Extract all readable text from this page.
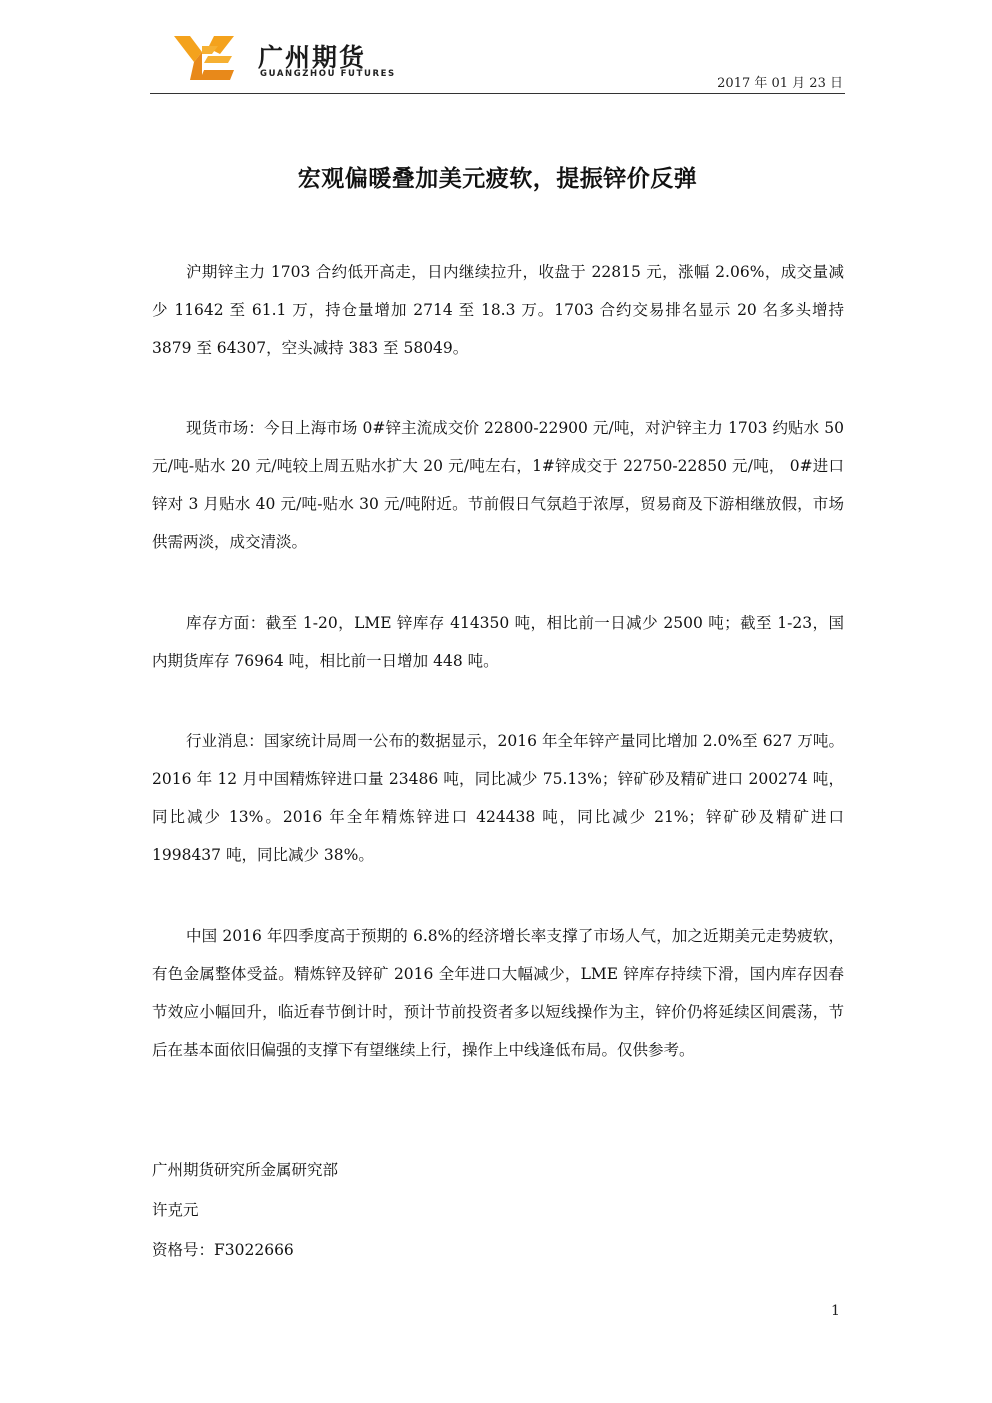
广州期货
GUANGZHOU FUTURES
2017 年 01 月 23 日
宏观偏暖叠加美元疲软，提振锌价反弹

沪期锌主力 1703 合约低开高走，日内继续拉升，收盘于 22815 元，涨幅 2.06%，成交量减少 11642 至 61.1 万，持仓量增加 2714 至 18.3 万。1703 合约交易排名显示 20 名多头增持 3879 至 64307，空头减持 383 至 58049。

现货市场：今日上海市场 0#锌主流成交价 22800-22900 元/吨，对沪锌主力 1703 约贴水 50 元/吨-贴水 20 元/吨较上周五贴水扩大 20 元/吨左右，1#锌成交于 22750-22850 元/吨， 0#进口锌对 3 月贴水 40 元/吨-贴水 30 元/吨附近。节前假日气氛趋于浓厚，贸易商及下游相继放假，市场供需两淡，成交清淡。

库存方面：截至 1-20，LME 锌库存 414350 吨，相比前一日减少 2500 吨；截至 1-23，国内期货库存 76964 吨，相比前一日增加 448 吨。

行业消息：国家统计局周一公布的数据显示，2016 年全年锌产量同比增加 2.0%至 627 万吨。2016 年 12 月中国精炼锌进口量 23486 吨，同比减少 75.13%；锌矿砂及精矿进口 200274 吨，同比减少 13%。2016 年全年精炼锌进口 424438 吨，同比减少 21%；锌矿砂及精矿进口 1998437 吨，同比减少 38%。

中国 2016 年四季度高于预期的 6.8%的经济增长率支撑了市场人气，加之近期美元走势疲软，有色金属整体受益。精炼锌及锌矿 2016 全年进口大幅减少，LME 锌库存持续下滑，国内库存因春节效应小幅回升，临近春节倒计时，预计节前投资者多以短线操作为主，锌价仍将延续区间震荡，节后在基本面依旧偏强的支撑下有望继续上行，操作上中线逢低布局。仅供参考。

广州期货研究所金属研究部
许克元
资格号：F3022666
1
